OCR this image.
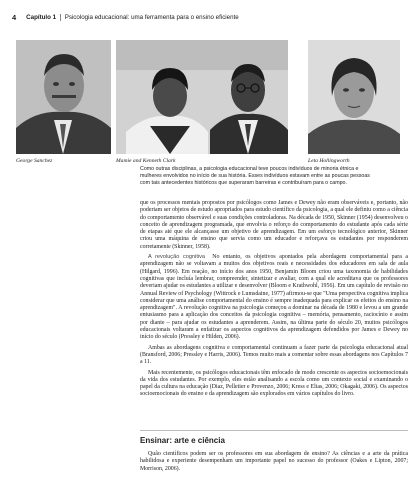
4 Capítulo 1 Psicologia educacional: uma ferramenta para o ensino eficiente
George Sanchez	Mamie and Kenneth Clark	Leta Hollingworth
Como outras disciplinas, a psicologia educacional teve poucos indivíduos de minoria étnica e mulheres envolvidos no início de sua história. Esses indivíduos estavam entre as poucas pessoas com tais antecedentes históricos que superaram barreiras e contribuíram para o campo.

que os processos mentais propostos por psicólogos como James e Dewey não eram observáveis e, portanto, não poderiam ser objetos de estudo apropriados para estudo científico da psicologia, a qual ele definiu como a ciência do comportamento observável e suas condições controladoras. Na década de 1950, Skinner (1954) desenvolveu o conceito de aprendizagem programada, que envolvia o reforço do comportamento do estudante após cada série de etapas até que ele alcançasse um objetivo de aprendizagem. Em um esforço tecnológico anterior, Skinner criou uma máquina de ensino que servia como um educador e reforçava os estudantes por responderem corretamente (Skinner, 1958).

A revolução cognitiva No entanto, os objetivos apontados pela abordagem comportamental para a aprendizagem não se voltavam a muitos dos objetivos reais e necessidades dos educadores em sala de aula (Hilgard, 1996). Em reação, no início dos anos 1950, Benjamin Bloom criou uma taxonomia de habilidades cognitivas que incluía lembrar, compreender, sintetizar e avaliar, com a qual ele acreditava que os professores deveriam ajudar os estudantes a utilizar e desenvolver (Bloom e Krathwohl, 1956). Em um capítulo de revisão no Annual Review of Psychology (Wittrock e Lumsdaine, 1977) afirmou-se que "Uma perspectiva cognitiva implica considerar que uma análise comportamental do ensino é sempre inadequada para explicar os efeitos do ensino na aprendizagem". A revolução cognitiva na psicologia começou a dominar na década de 1980 e levou a um grande entusiasmo para a aplicação dos conceitos da psicologia cognitiva – memória, pensamento, raciocínio e assim por diante – para ajudar os estudantes a aprenderem. Assim, na última parte do século 20, muitos psicólogos educacionais voltaram a enfatizar os aspectos cognitivos da aprendizagem defendidos por James e Dewey no início do século (Pressley e Hilden, 2006).

Ambas as abordagens cognitiva e comportamental continuam a fazer parte da psicologia educacional atual (Bransford, 2006; Pressley e Harris, 2006). Temos muito mais a comentar sobre essas abordagens nos Capítulos 7 a 11.

Mais recentemente, os psicólogos educacionais têm enfocado de modo crescente os aspectos socioemocionais da vida dos estudantes. Por exemplo, eles estão analisando a escola como um contexto social e examinando o papel da cultura na educação (Diaz, Pelletier e Provenzo, 2006; Kress e Elias, 2006; Okagaki, 2006). Os aspectos socioemocionais do ensino e da aprendizagem são explorados em vários capítulos do livro.

Ensinar: arte e ciência
Quão científicos podem ser os professores em sua abordagem de ensino? As ciências e a arte da prática habilidosa e experiente desempenham um importante papel no sucesso do professor (Oakes e Lipton, 2007; Morrison, 2006).
